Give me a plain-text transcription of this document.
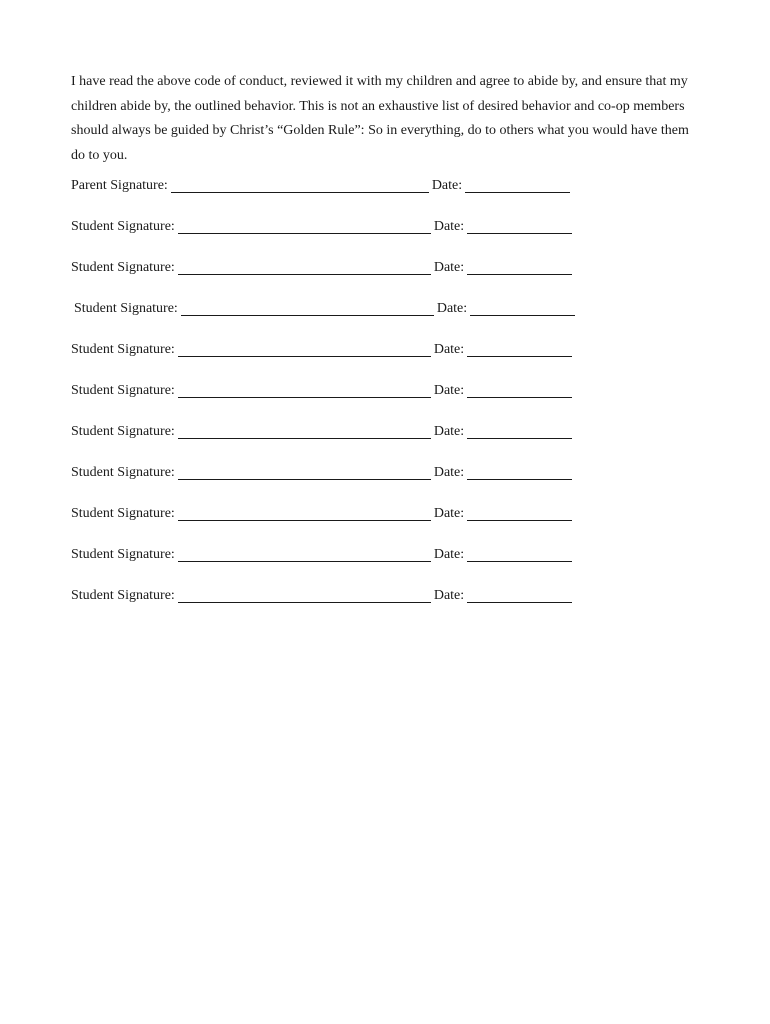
I have read the above code of conduct, reviewed it with my children and agree to abide by, and ensure that my children abide by, the outlined behavior. This is not an exhaustive list of desired behavior and co-op members should always be guided by Christ’s “Golden Rule”: So in everything, do to others what you would have them do to you.

Parent Signature:	Date:
Student Signature:	Date:
Student Signature:	Date:
Student Signature:	Date:
Student Signature:	Date:
Student Signature:	Date:
Student Signature:	Date:
Student Signature:	Date:
Student Signature:	Date:
Student Signature:	Date:
Student Signature:	Date:
